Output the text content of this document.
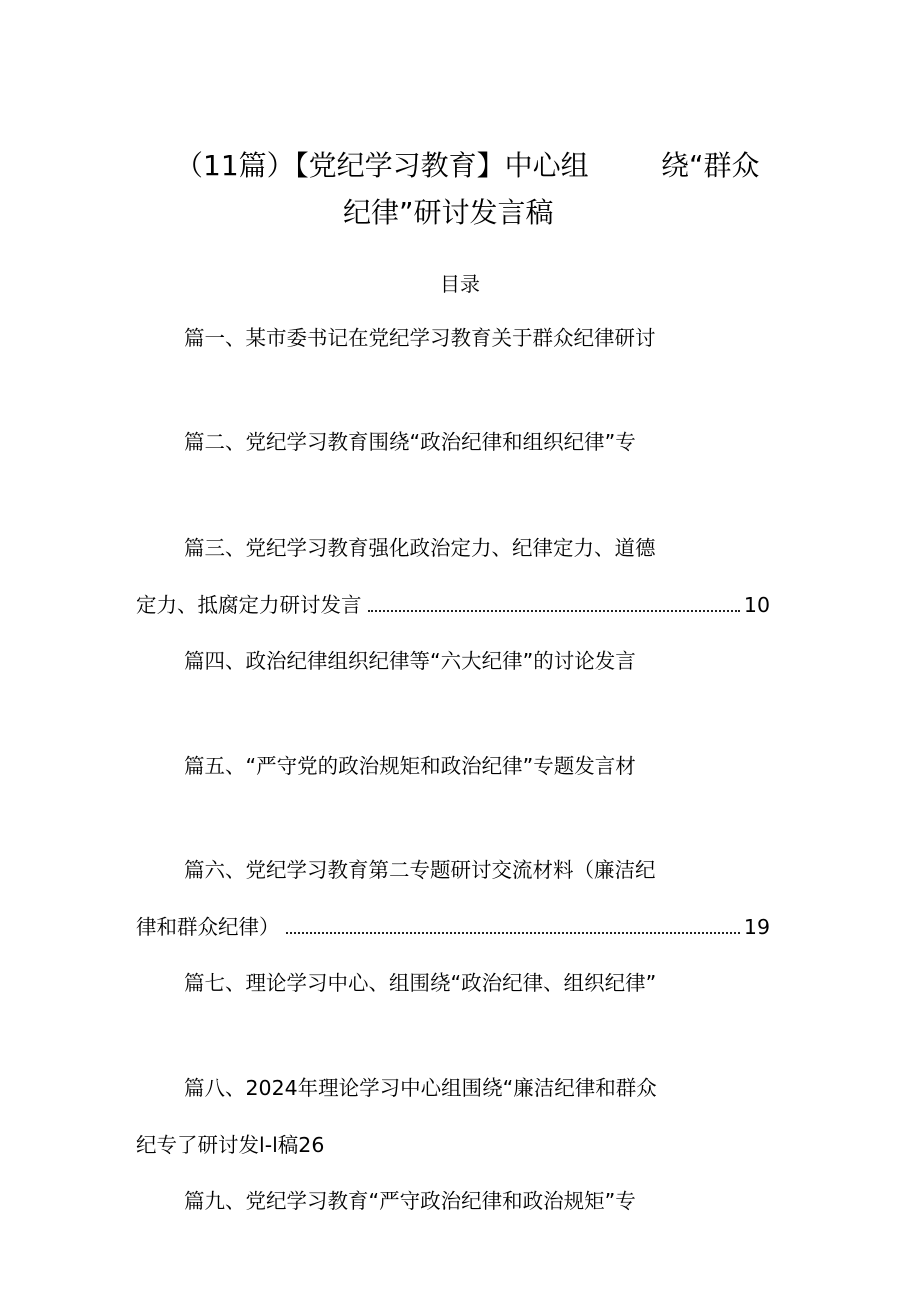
（11篇）【党纪学习教育】中心组	绕“群众
纪律”研讨发言稿
目录
篇一、某市委书记在党纪学习教育关于群众纪律研讨
篇二、党纪学习教育围绕“政治纪律和组织纪律”专
篇三、党纪学习教育强化政治定力、纪律定力、道德
定力、抵腐定力研讨发言	10
篇四、政治纪律组织纪律等“六大纪律”的讨论发言
篇五、“严守党的政治规矩和政治纪律”专题发言材
篇六、党纪学习教育第二专题研讨交流材料（廉洁纪
律和群众纪律）	19
篇七、理论学习中心、组围绕“政治纪律、组织纪律”
篇八、2024年理论学习中心组围绕“廉洁纪律和群众
纪专了研讨发l-l稿26
篇九、党纪学习教育“严守政治纪律和政治规矩”专
